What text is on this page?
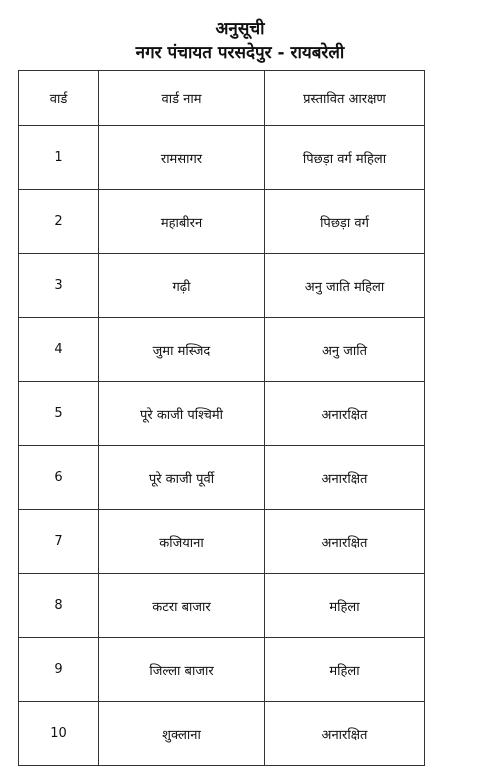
अनुसूची
नगर पंचायत परसदेपुर - रायबरेली
वार्ड	वार्ड नाम	प्रस्तावित आरक्षण
1	रामसागर	पिछड़ा वर्ग महिला
2	महाबीरन	पिछड़ा वर्ग
3	गढ़ी	अनु जाति महिला
4	जुमा मस्जिद	अनु जाति
5	पूरे काजी पश्चिमी	अनारक्षित
6	पूरे काजी पूर्वी	अनारक्षित
7	कजियाना	अनारक्षित
8	कटरा बाजार	महिला
9	जिल्ला बाजार	महिला
10	शुक्लाना	अनारक्षित
